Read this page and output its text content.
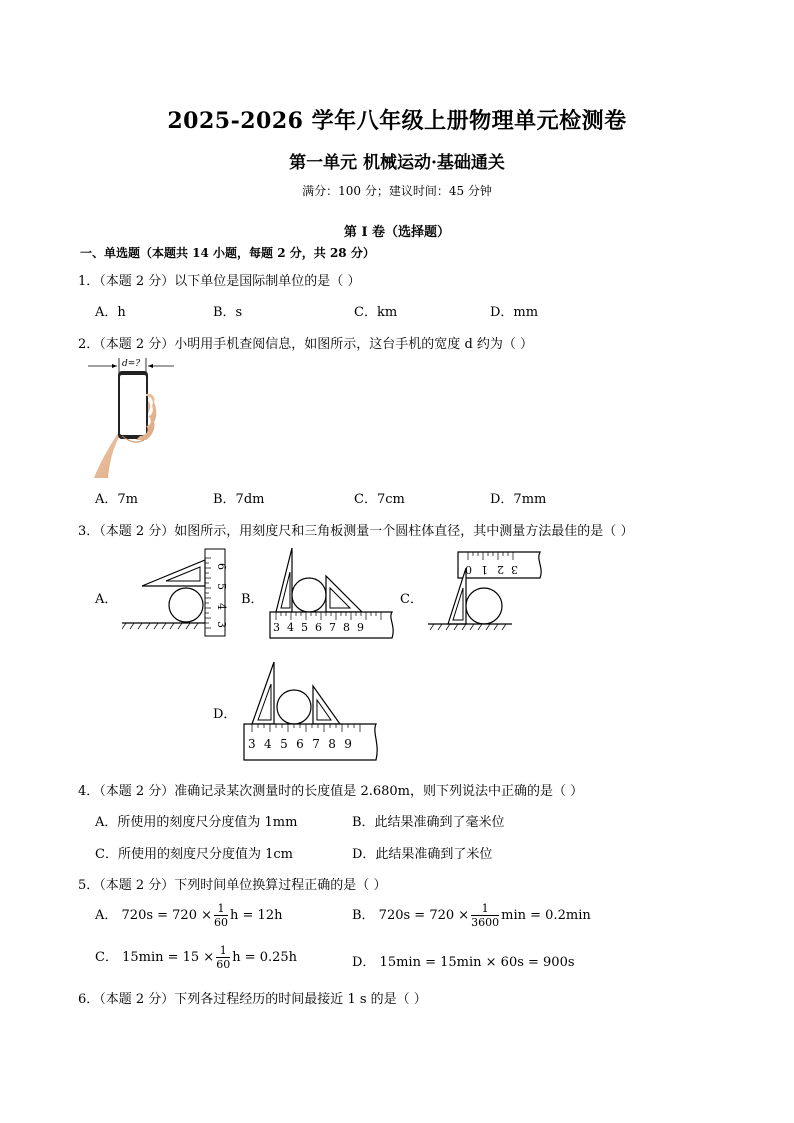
2025-2026 学年八年级上册物理单元检测卷
第一单元 机械运动·基础通关
满分：100 分；建议时间：45 分钟
第 I 卷（选择题）
一、单选题（本题共 14 小题，每题 2 分，共 28 分）
1．（本题 2 分）以下单位是国际制单位的是（ ）
A．h	B．s	C．km	D．mm
2．（本题 2 分）小明用手机查阅信息，如图所示，这台手机的宽度 d 约为（ ）
d=?
A．7m	B．7dm	C．7cm	D．7mm
3．（本题 2 分）如图所示，用刻度尺和三角板测量一个圆柱体直径，其中测量方法最佳的是（ ）
A．
6
5
4
3
B．
3456789
C．
0 1 2 3
D．
3456789
4．（本题 2 分）准确记录某次测量时的长度值是 2.680m，则下列说法中正确的是（ ）
A．所使用的刻度尺分度值为 1mm	B．此结果准确到了毫米位
C．所使用的刻度尺分度值为 1cm	D．此结果准确到了米位
5．（本题 2 分）下列时间单位换算过程正确的是（ ）
A． $720s = 720 \times \frac{1}{60}$ h = 12h	B． $720s = 720 \times \frac{1}{3600}$ min = 0.2min
C． $15\min = 15 \times \frac{1}{60}$ h = 0.25h	D． 15min = 15min × 60s = 900s
6．（本题 2 分）下列各过程经历的时间最接近 1 s 的是（ ）
